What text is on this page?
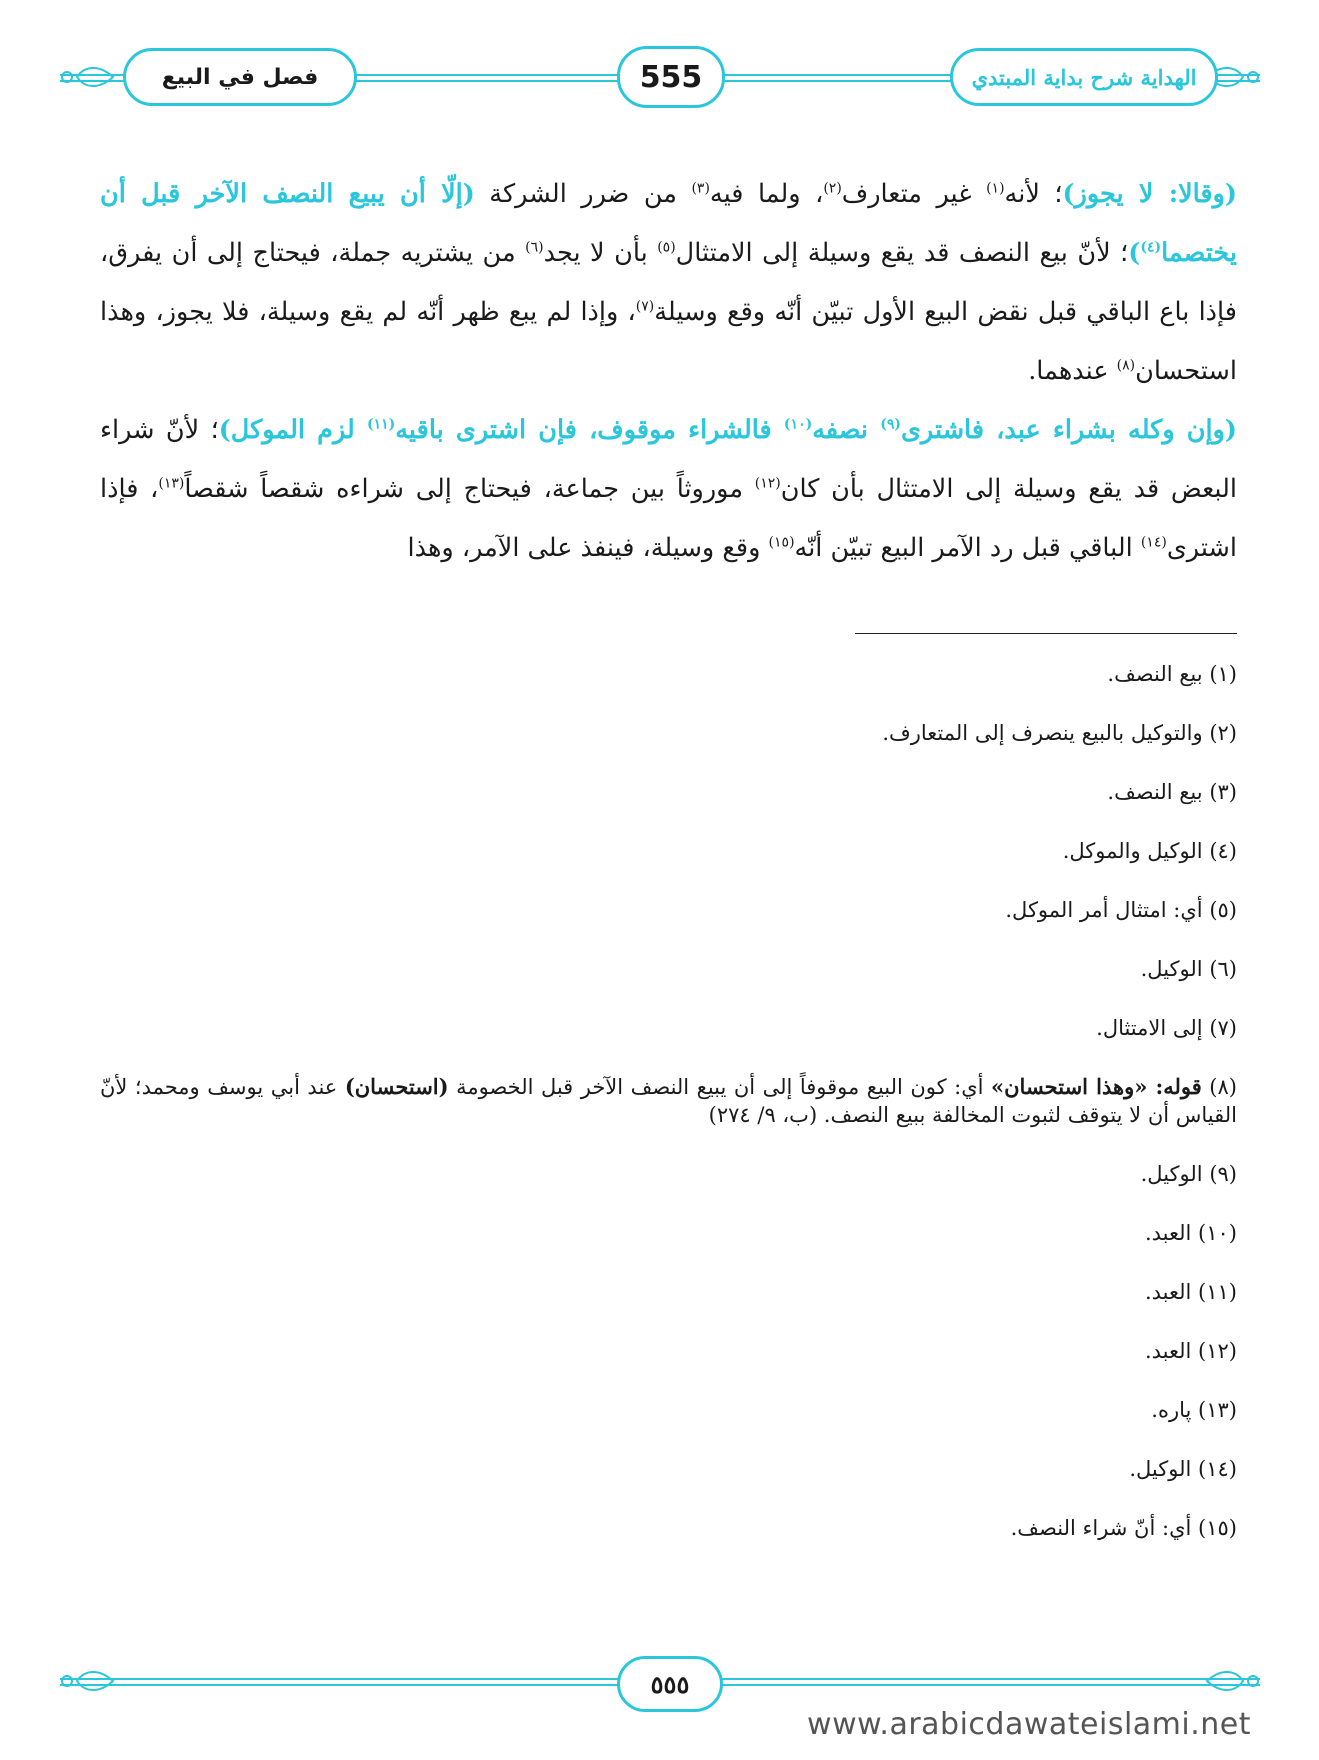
فصل في البيع	555	الهداية شرح بداية المبتدي
(وقالا: لا يجوز)؛ لأنه$^{(١)}$ غير متعارف$^{(٢)}$، ولما فيه$^{(٣)}$ من ضرر الشركة (إلّا أن يبيع النصف الآخر قبل أن يختصما$^{(٤)}$)؛ لأنّ بيع النصف قد يقع وسيلة إلى الامتثال$^{(٥)}$ بأن لا يجد$^{(٦)}$ من يشتريه جملة، فيحتاج إلى أن يفرق، فإذا باع الباقي قبل نقض البيع الأول تبيّن أنّه وقع وسيلة$^{(٧)}$، وإذا لم يبع ظهر أنّه لم يقع وسيلة، فلا يجوز، وهذا استحسان$^{(٨)}$ عندهما.
(وإن وكله بشراء عبد، فاشترى$^{(٩)}$ نصفه$^{(١٠)}$ فالشراء موقوف، فإن اشترى باقيه$^{(١١)}$ لزم الموكل)؛ لأنّ شراء البعض قد يقع وسيلة إلى الامتثال بأن كان$^{(١٢)}$ موروثاً بين جماعة، فيحتاج إلى شراءه شقصاً شقصاً$^{(١٣)}$، فإذا اشترى$^{(١٤)}$ الباقي قبل رد الآمر البيع تبيّن أنّه$^{(١٥)}$ وقع وسيلة، فينفذ على الآمر، وهذا
(١) بيع النصف.
(٢) والتوكيل بالبيع ينصرف إلى المتعارف.
(٣) بيع النصف.
(٤) الوكيل والموكل.
(٥) أي: امتثال أمر الموكل.
(٦) الوكيل.
(٧) إلى الامتثال.
(٨) قوله: «وهذا استحسان» أي: كون البيع موقوفاً إلى أن يبيع النصف الآخر قبل الخصومة (استحسان) عند أبي يوسف ومحمد؛ لأنّ القياس أن لا يتوقف لثبوت المخالفة ببيع النصف. (ب، ٩/ ٢٧٤)
(٩) الوكيل.
(١٠) العبد.
(١١) العبد.
(١٢) العبد.
(١٣) پاره.
(١٤) الوكيل.
(١٥) أي: أنّ شراء النصف.
٥٥٥
www.arabicdawateislami.net
